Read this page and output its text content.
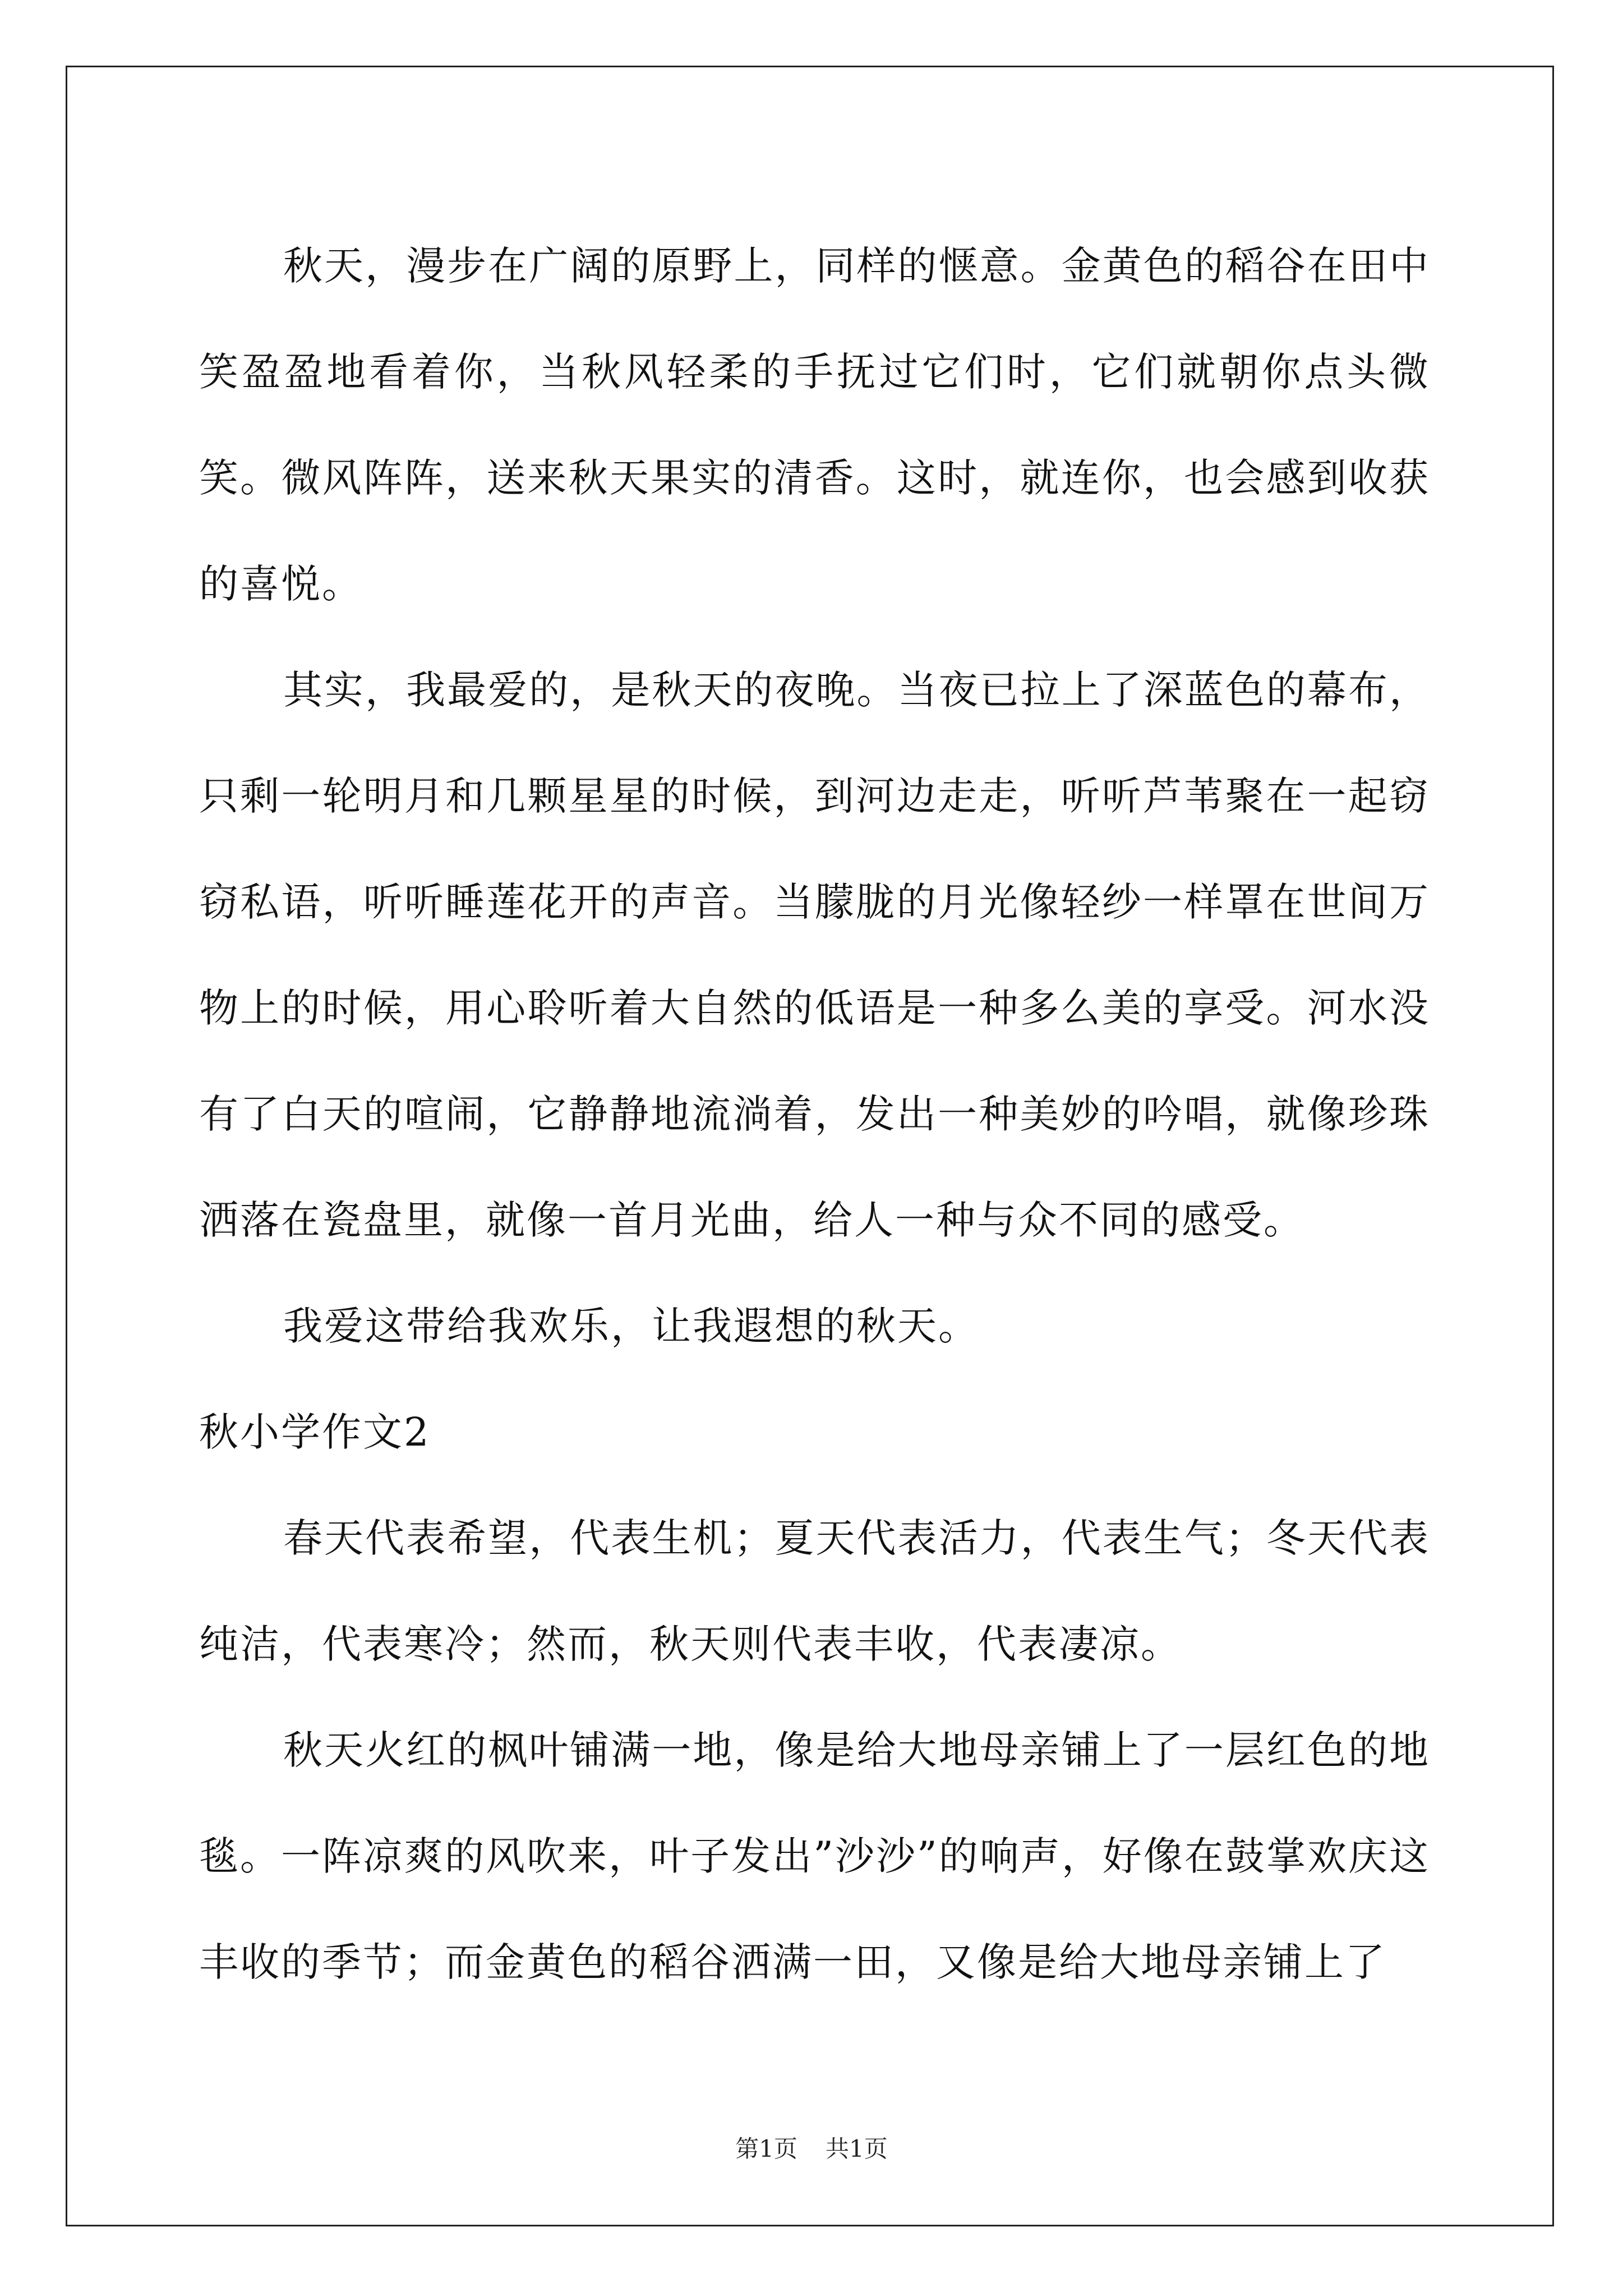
秋天，漫步在广阔的原野上，同样的惬意。金黄色的稻谷在田中笑盈盈地看着你，当秋风轻柔的手抚过它们时，它们就朝你点头微笑。微风阵阵，送来秋天果实的清香。这时，就连你，也会感到收获的喜悦。

其实，我最爱的，是秋天的夜晚。当夜已拉上了深蓝色的幕布，只剩一轮明月和几颗星星的时候，到河边走走，听听芦苇聚在一起窃窃私语，听听睡莲花开的声音。当朦胧的月光像轻纱一样罩在世间万物上的时候，用心聆听着大自然的低语是一种多么美的享受。河水没有了白天的喧闹，它静静地流淌着，发出一种美妙的吟唱，就像珍珠洒落在瓷盘里，就像一首月光曲，给人一种与众不同的感受。

我爱这带给我欢乐，让我遐想的秋天。

秋小学作文2

春天代表希望，代表生机；夏天代表活力，代表生气；冬天代表纯洁，代表寒冷；然而，秋天则代表丰收，代表凄凉。

秋天火红的枫叶铺满一地，像是给大地母亲铺上了一层红色的地毯。一阵凉爽的风吹来，叶子发出”沙沙”的响声，好像在鼓掌欢庆这丰收的季节；而金黄色的稻谷洒满一田，又像是给大地母亲铺上了

第1页 共1页
